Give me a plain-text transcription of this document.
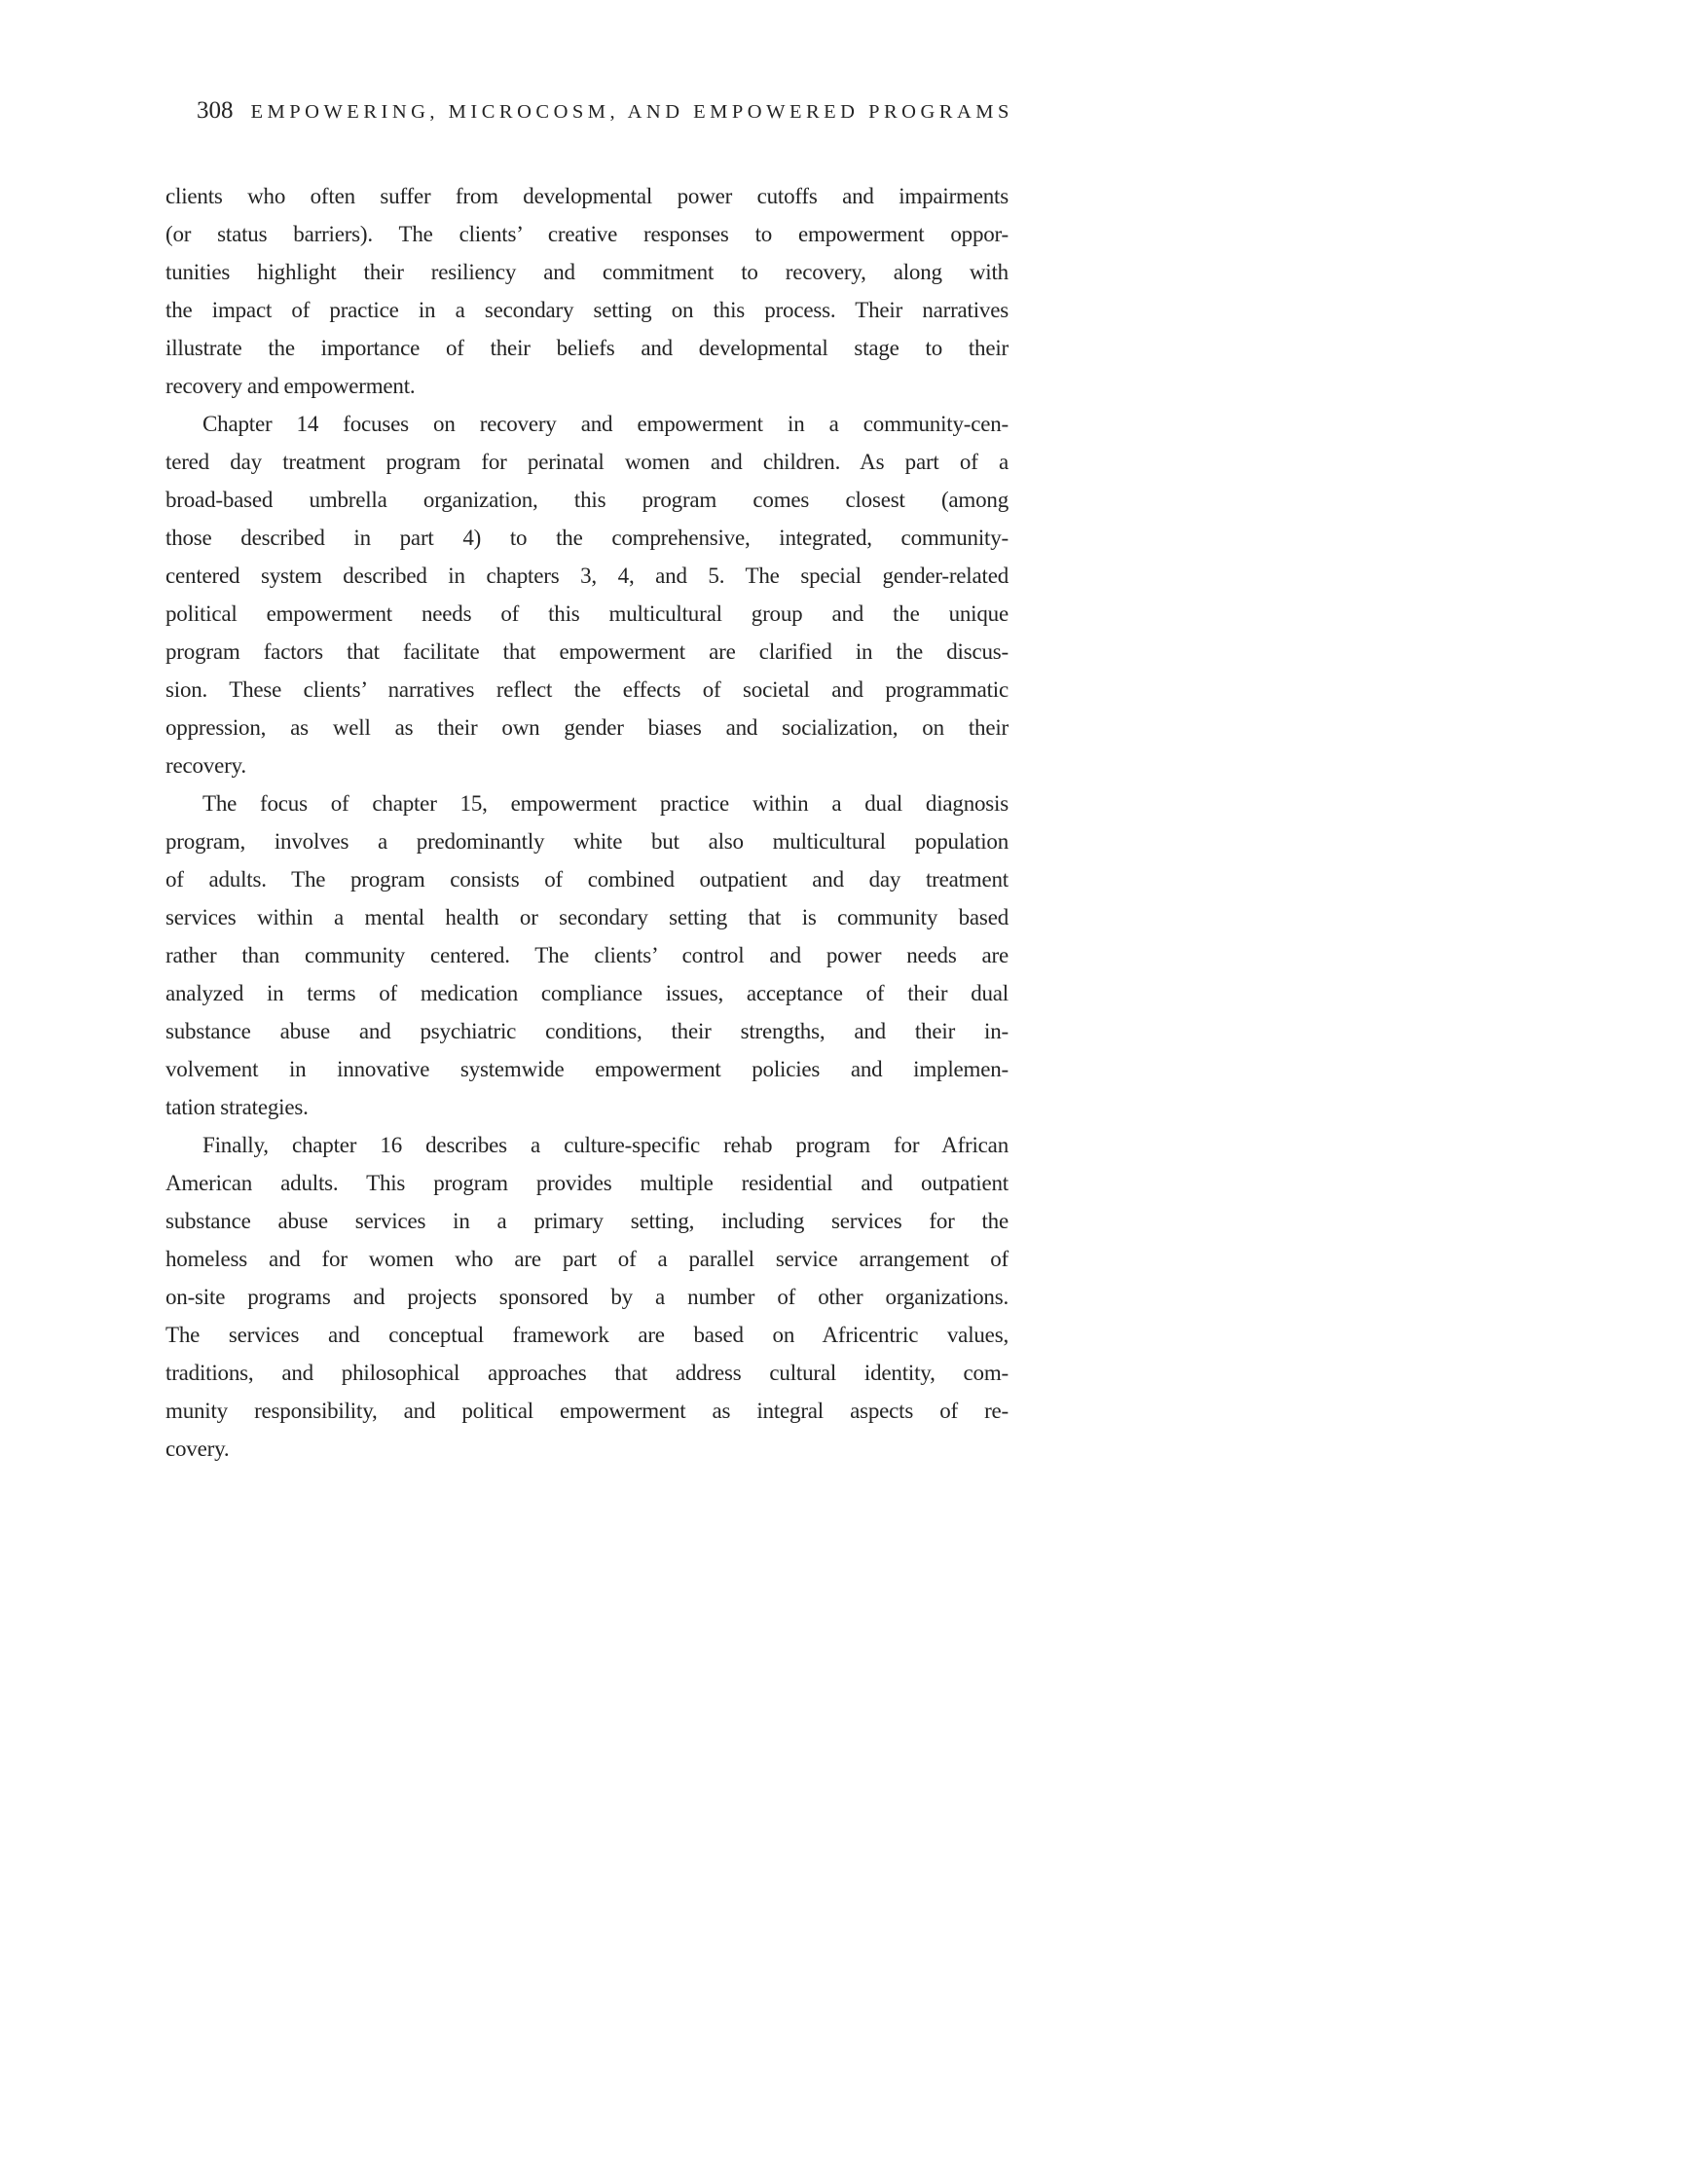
308 EMPOWERING, MICROCOSM, AND EMPOWERED PROGRAMS
clients who often suffer from developmental power cutoffs and impairments
(or status barriers). The clients’ creative responses to empowerment oppor-
tunities highlight their resiliency and commitment to recovery, along with
the impact of practice in a secondary setting on this process. Their narratives
illustrate the importance of their beliefs and developmental stage to their
recovery and empowerment.
Chapter 14 focuses on recovery and empowerment in a community-cen-
tered day treatment program for perinatal women and children. As part of a
broad-based umbrella organization, this program comes closest (among
those described in part 4) to the comprehensive, integrated, community-
centered system described in chapters 3, 4, and 5. The special gender-related
political empowerment needs of this multicultural group and the unique
program factors that facilitate that empowerment are clarified in the discus-
sion. These clients’ narratives reflect the effects of societal and programmatic
oppression, as well as their own gender biases and socialization, on their
recovery.
The focus of chapter 15, empowerment practice within a dual diagnosis
program, involves a predominantly white but also multicultural population
of adults. The program consists of combined outpatient and day treatment
services within a mental health or secondary setting that is community based
rather than community centered. The clients’ control and power needs are
analyzed in terms of medication compliance issues, acceptance of their dual
substance abuse and psychiatric conditions, their strengths, and their in-
volvement in innovative systemwide empowerment policies and implemen-
tation strategies.
Finally, chapter 16 describes a culture-specific rehab program for African
American adults. This program provides multiple residential and outpatient
substance abuse services in a primary setting, including services for the
homeless and for women who are part of a parallel service arrangement of
on-site programs and projects sponsored by a number of other organizations.
The services and conceptual framework are based on Africentric values,
traditions, and philosophical approaches that address cultural identity, com-
munity responsibility, and political empowerment as integral aspects of re-
covery.
